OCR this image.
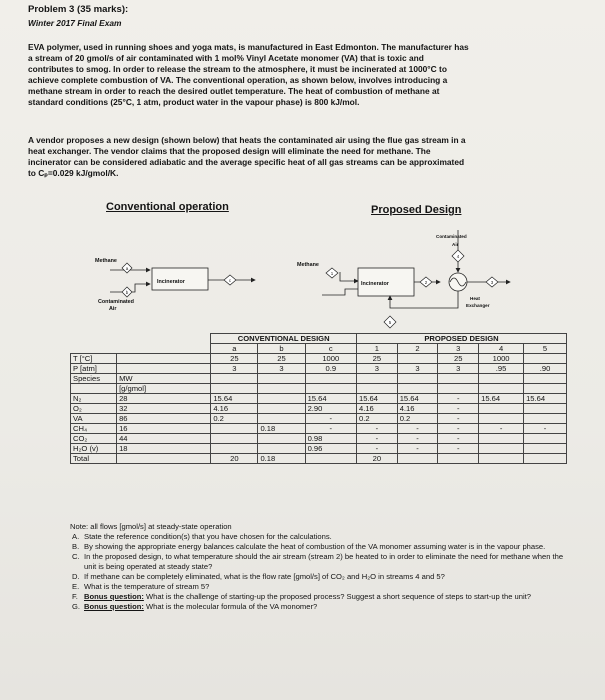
Problem 3 (35 marks):

Winter 2017 Final Exam

EVA polymer, used in running shoes and yoga mats, is manufactured in East Edmonton. The manufacturer has

a stream of 20 gmol/s of air contaminated with 1 mol% Vinyl Acetate monomer (VA) that is toxic and

contributes to smog. In order to release the stream to the atmosphere, it must be incinerated at 1000°C to

achieve complete combustion of VA. The conventional operation, as shown below, involves introducing a

methane stream in order to reach the desired outlet temperature. The heat of combustion of methane at

standard conditions (25°C, 1 atm, product water in the vapour phase) is 800 kJ/mol.

A vendor proposes a new design (shown below) that heats the contaminated air using the flue gas stream in a

heat exchanger. The vendor claims that the proposed design will eliminate the need for methane. The

incinerator can be considered adiabatic and the average specific heat of all gas streams can be approximated

to Cₚ=0.029 kJ/gmol/K.

Conventional operation	Proposed Design

a
b
c
1
2	3
4
5
Methane
Incinerator
Contaminated
Air
Methane
Incinerator
Contaminated
Air
Heat
Exchanger
		CONVENTIONAL DESIGN			PROPOSED DESIGN				
		a	b	c	1	2	3	4	5
T [°C]		25	25	1000	25		25	1000	
P [atm]		3	3	0.9	3	3	3	.95	.90
Species	MW								
	[g/gmol]								
N₂	28	15.64		15.64	15.64	15.64	-	15.64	15.64
O₂	32	4.16		2.90	4.16	4.16	-		
VA	86	0.2		-	0.2	0.2	-		
CH₄	16		0.18	-	-	-	-	-	-
CO₂	44			0.98	-	-	-		
H₂O (v)	18			0.96	-	-	-		
Total		20	0.18		20				

Note: all flows [gmol/s] at steady-state operation

A. State the reference condition(s) that you have chosen for the calculations.
B. By showing the appropriate energy balances calculate the heat of combustion of the VA monomer assuming water is in the vapour phase.
C. In the proposed design, to what temperature should the air stream (stream 2) be heated to in order to eliminate the need for methane when the unit is being operated at steady state?
D. If methane can be completely eliminated, what is the flow rate [gmol/s] of CO₂ and H₂O in streams 4 and 5?
E. What is the temperature of stream 5?
F. Bonus question: What is the challenge of starting-up the proposed process? Suggest a short sequence of steps to start-up the unit?
G. Bonus question: What is the molecular formula of the VA monomer?
